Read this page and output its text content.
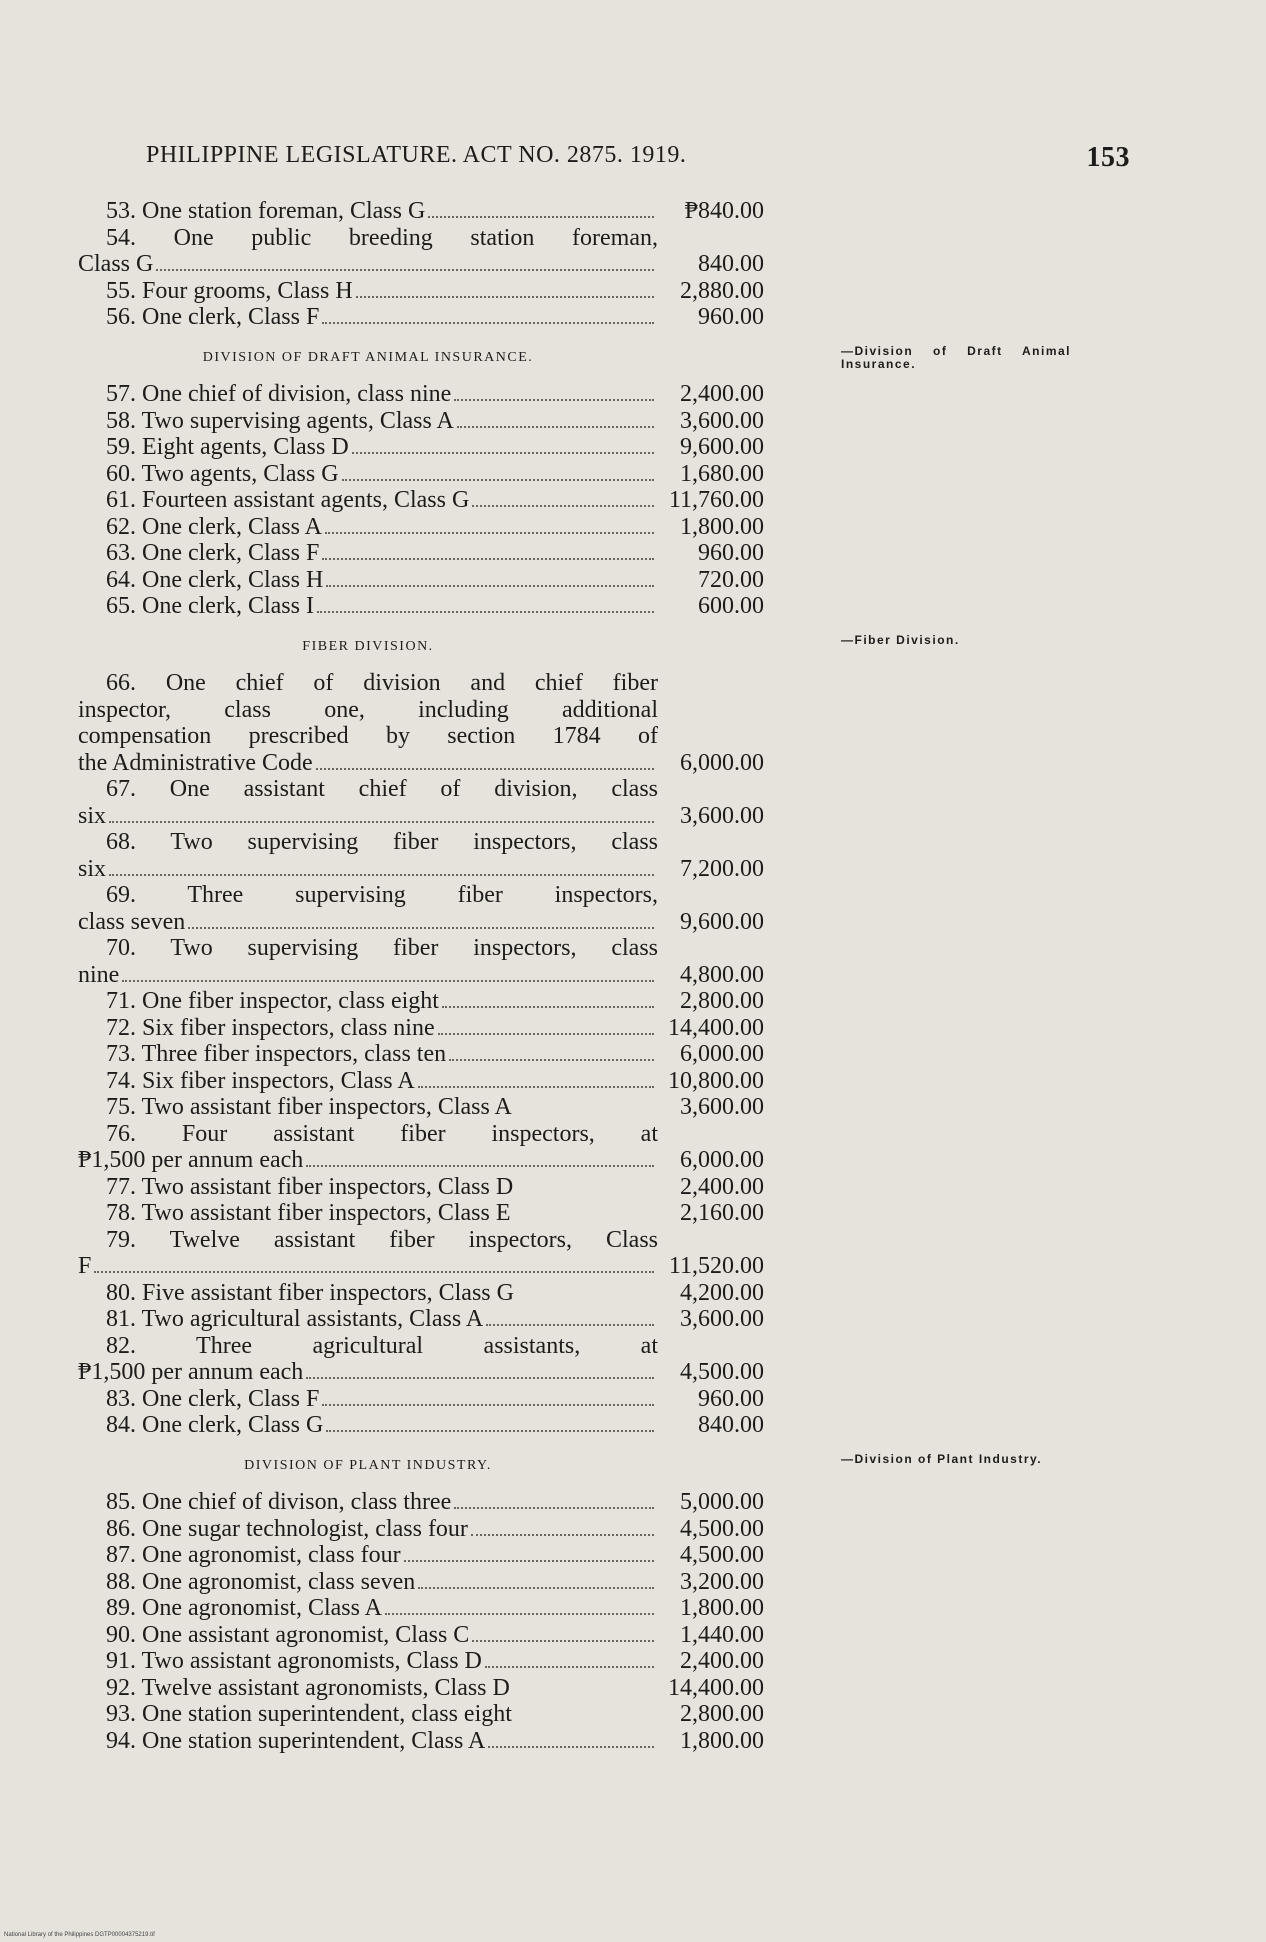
PHILIPPINE LEGISLATURE. ACT NO. 2875. 1919.	153
53. One station foreman, Class G	₱840.00
54. One public breeding station foreman,
Class G	840.00
55. Four grooms, Class H	2,880.00
56. One clerk, Class F	960.00
DIVISION OF DRAFT ANIMAL INSURANCE.	—Division of Draft Animal Insurance.
57. One chief of division, class nine	2,400.00
58. Two supervising agents, Class A	3,600.00
59. Eight agents, Class D	9,600.00
60. Two agents, Class G	1,680.00
61. Fourteen assistant agents, Class G	11,760.00
62. One clerk, Class A	1,800.00
63. One clerk, Class F	960.00
64. One clerk, Class H	720.00
65. One clerk, Class I	600.00
FIBER DIVISION.	—Fiber Division.
66. One chief of division and chief fiber
inspector, class one, including additional
compensation prescribed by section 1784 of
the Administrative Code	6,000.00
67. One assistant chief of division, class
six	3,600.00
68. Two supervising fiber inspectors, class
six	7,200.00
69. Three supervising fiber inspectors,
class seven	9,600.00
70. Two supervising fiber inspectors, class
nine	4,800.00
71. One fiber inspector, class eight	2,800.00
72. Six fiber inspectors, class nine	14,400.00
73. Three fiber inspectors, class ten	6,000.00
74. Six fiber inspectors, Class A	10,800.00
75. Two assistant fiber inspectors, Class A	3,600.00
76. Four assistant fiber inspectors, at
₱1,500 per annum each	6,000.00
77. Two assistant fiber inspectors, Class D	2,400.00
78. Two assistant fiber inspectors, Class E	2,160.00
79. Twelve assistant fiber inspectors, Class
F	11,520.00
80. Five assistant fiber inspectors, Class G	4,200.00
81. Two agricultural assistants, Class A	3,600.00
82. Three agricultural assistants, at
₱1,500 per annum each	4,500.00
83. One clerk, Class F	960.00
84. One clerk, Class G	840.00
DIVISION OF PLANT INDUSTRY.	—Division of Plant Industry.
85. One chief of divison, class three	5,000.00
86. One sugar technologist, class four	4,500.00
87. One agronomist, class four	4,500.00
88. One agronomist, class seven	3,200.00
89. One agronomist, Class A	1,800.00
90. One assistant agronomist, Class C	1,440.00
91. Two assistant agronomists, Class D	2,400.00
92. Twelve assistant agronomists, Class D	14,400.00
93. One station superintendent, class eight	2,800.00
94. One station superintendent, Class A	1,800.00
National Library of the Philippines DGTP00004375219.tif
